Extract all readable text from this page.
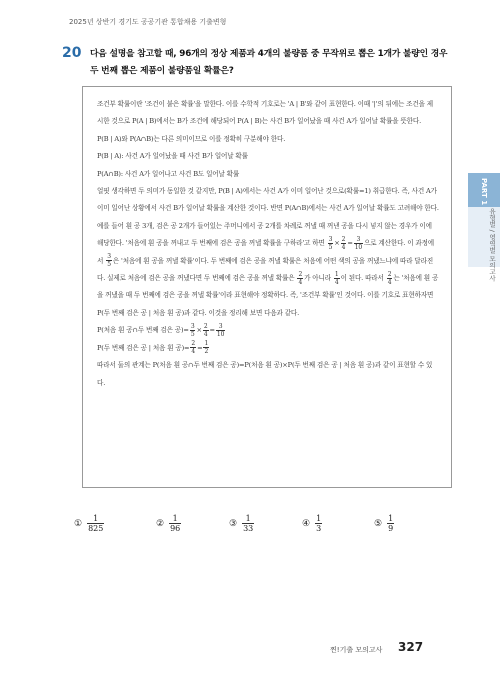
2025년 상반기 경기도 공공기관 통합채용 기출변형
20 다음 설명을 참고할 때, 96개의 정상 제품과 4개의 불량품 중 무작위로 뽑은 1개가 불량인 경우 두 번째 뽑은 제품이 불량품일 확률은?

조건부 확률이란 '조건이 붙은 확률'을 말한다. 이를 수학적 기호로는 'A | B'와 같이 표현한다. 이때 '|'의 뒤에는 조건을 제시한 것으로 P(A | B)에서는 B가 조건에 해당되어 P(A | B)는 사건 B가 일어났을 때 사건 A가 일어날 확률을 뜻한다.

P(B | A)와 P(A∩B)는 다른 의미이므로 이를 정확히 구분해야 한다.

P(B | A): 사건 A가 일어났을 때 사건 B가 일어날 확률

P(A∩B): 사건 A가 일어나고 사건 B도 일어날 확률

얼핏 생각하면 두 의미가 동일한 것 같지만, P(B | A)에서는 사건 A가 이미 일어난 것으로(확률=1) 취급한다. 즉, 사건 A가 이미 일어난 상황에서 사건 B가 일어날 확률을 계산한 것이다. 반면 P(A∩B)에서는 사건 A가 일어날 확률도 고려해야 한다.

예를 들어 흰 공 3개, 검은 공 2개가 들어있는 주머니에서 공 2개를 차례로 꺼낼 때 꺼낸 공을 다시 넣지 않는 경우가 이에 해당한다. '처음에 흰 공을 꺼내고 두 번째에 검은 공을 꺼낼 확률을 구하라'고 하면 $\frac{3}{5} \times \frac{2}{4} = \frac{3}{10}$ 으로 계산한다. 이 과정에서 $\frac{3}{5}$ 은 '처음에 흰 공을 꺼낼 확률'이다. 두 번째에 검은 공을 꺼낼 확률은 처음에 어떤 색의 공을 꺼냈느냐에 따라 달라진다. 실제로 처음에 검은 공을 꺼냈다면 두 번째에 검은 공을 꺼낼 확률은 $\frac{2}{4}$ 가 아니라 $\frac{1}{4}$ 이 된다. 따라서 $\frac{2}{4}$ 는 '처음에 흰 공을 꺼냈을 때 두 번째에 검은 공을 꺼낼 확률'이라 표현해야 정확하다. 즉, '조건부 확률'인 것이다. 이를 기호로 표현하자면 P(두 번째 검은 공 | 처음 흰 공)과 같다. 이것을 정리해 보면 다음과 같다.

P(처음 흰 공∩두 번째 검은 공)= $\frac{3}{5} \times \frac{2}{4} = \frac{3}{10}$

P(두 번째 검은 공 | 처음 흰 공)= $\frac{2}{4} = \frac{1}{2}$

따라서 둘의 관계는 P(처음 흰 공∩두 번째 검은 공)=P(처음 흰 공)×P(두 번째 검은 공 | 처음 흰 공)과 같이 표현할 수 있다.

① $\frac{1}{825}$	② $\frac{1}{96}$	③ $\frac{1}{33}$	④ $\frac{1}{3}$	⑤ $\frac{1}{9}$
PART 1
유형별 / 영역별 모의고사
찐!기출 모의고사 327
